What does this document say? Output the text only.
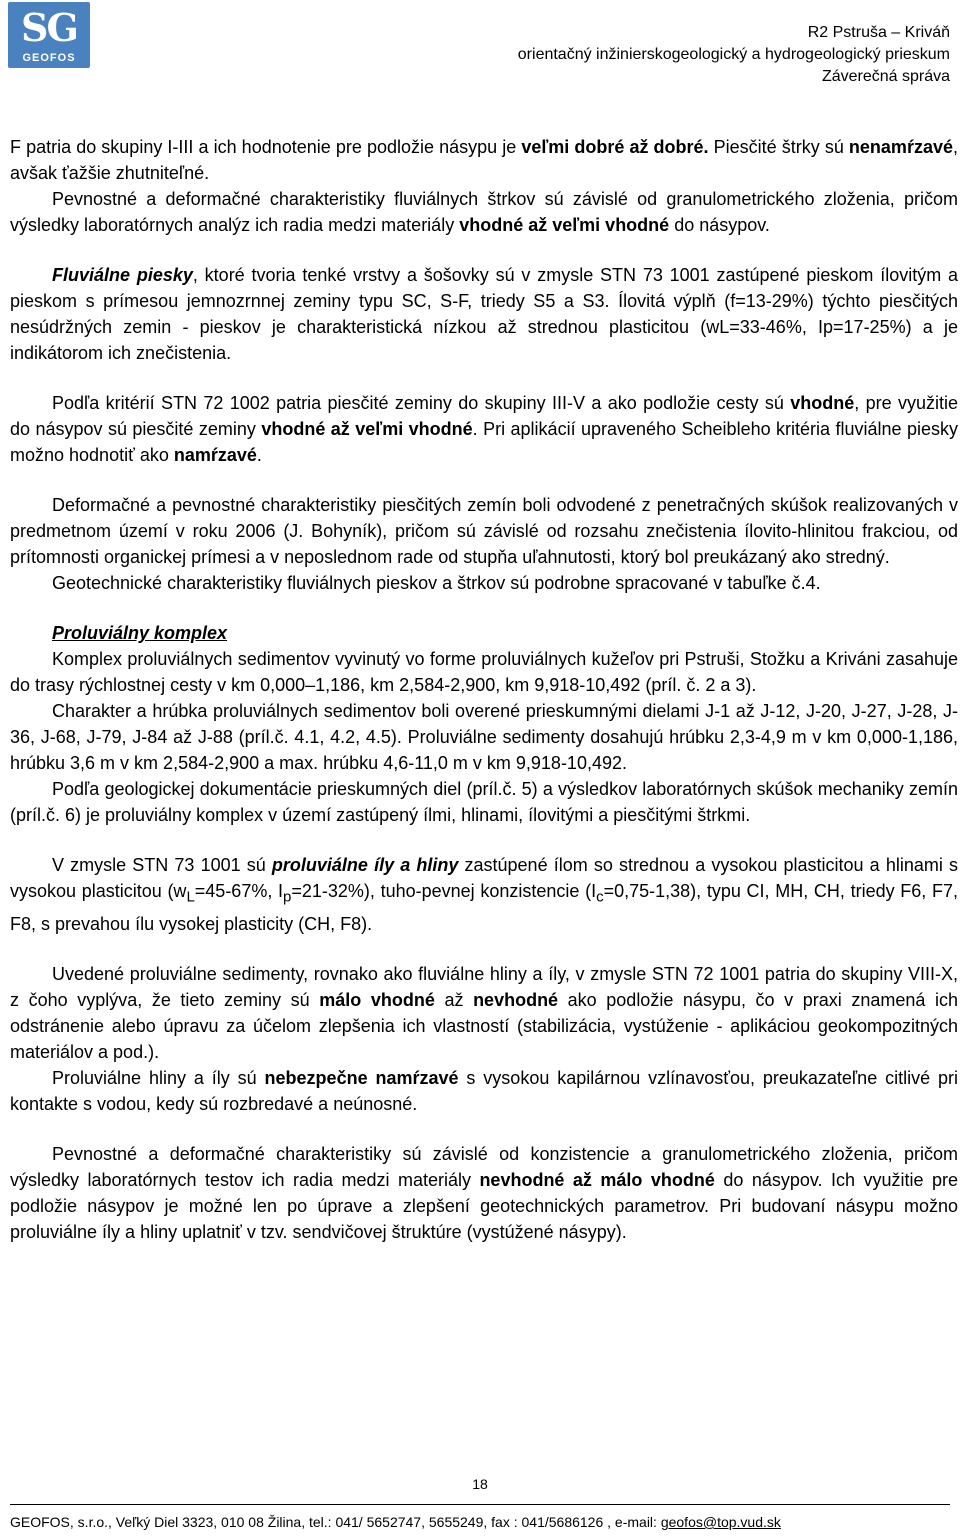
SG
GEOFOS
R2 Pstruša – Kriváň
orientačný inžinierskogeologický a hydrogeologický prieskum
Záverečná správa

F patria do skupiny I-III a ich hodnotenie pre podložie násypu je veľmi dobré až dobré. Piesčité štrky sú nenamŕzavé, avšak ťažšie zhutniteľné.

Pevnostné a deformačné charakteristiky fluviálnych štrkov sú závislé od granulometrického zloženia, pričom výsledky laboratórnych analýz ich radia medzi materiály vhodné až veľmi vhodné do násypov.

Fluviálne piesky, ktoré tvoria tenké vrstvy a šošovky sú v zmysle STN 73 1001 zastúpené pieskom ílovitým a pieskom s prímesou jemnozrnnej zeminy typu SC, S-F, triedy S5 a S3. Ílovitá výplň (f=13-29%) týchto piesčitých nesúdržných zemin - pieskov je charakteristická nízkou až strednou plasticitou (wL=33-46%, Ip=17-25%) a je indikátorom ich znečistenia.

Podľa kritérií STN 72 1002 patria piesčité zeminy do skupiny III-V a ako podložie cesty sú vhodné, pre využitie do násypov sú piesčité zeminy vhodné až veľmi vhodné. Pri aplikácií upraveného Scheibleho kritéria fluviálne piesky možno hodnotiť ako namŕzavé.

Deformačné a pevnostné charakteristiky piesčitých zemín boli odvodené z penetračných skúšok realizovaných v predmetnom území v roku 2006 (J. Bohyník), pričom sú závislé od rozsahu znečistenia ílovito-hlinitou frakciou, od prítomnosti organickej prímesi a v neposlednom rade od stupňa uľahnutosti, ktorý bol preukázaný ako stredný.

Geotechnické charakteristiky fluviálnych pieskov a štrkov sú podrobne spracované v tabuľke č.4.

Proluviálny komplex

Komplex proluviálnych sedimentov vyvinutý vo forme proluviálnych kužeľov pri Pstruši, Stožku a Kriváni zasahuje do trasy rýchlostnej cesty v km 0,000–1,186, km 2,584-2,900, km 9,918-10,492 (príl. č. 2 a 3).

Charakter a hrúbka proluviálnych sedimentov boli overené prieskumnými dielami J-1 až J-12, J-20, J-27, J-28, J-36, J-68, J-79, J-84 až J-88 (príl.č. 4.1, 4.2, 4.5). Proluviálne sedimenty dosahujú hrúbku 2,3-4,9 m v km 0,000-1,186, hrúbku 3,6 m v km 2,584-2,900 a max. hrúbku 4,6-11,0 m v km 9,918-10,492.

Podľa geologickej dokumentácie prieskumných diel (príl.č. 5) a výsledkov laboratórnych skúšok mechaniky zemín (príl.č. 6) je proluviálny komplex v území zastúpený ílmi, hlinami, ílovitými a piesčitými štrkmi.

V zmysle STN 73 1001 sú proluviálne íly a hliny zastúpené ílom so strednou a vysokou plasticitou a hlinami s vysokou plasticitou ($w_L=45-67\%$, $I_p=21-32\%$), tuho-pevnej konzistencie $(I_c=0,75-1,38)$, typu CI, MH, CH, triedy F6, F7, F8, s prevahou ílu vysokej plasticity (CH, F8).

Uvedené proluviálne sedimenty, rovnako ako fluviálne hliny a íly, v zmysle STN 72 1001 patria do skupiny VIII-X, z čoho vyplýva, že tieto zeminy sú málo vhodné až nevhodné ako podložie násypu, čo v praxi znamená ich odstránenie alebo úpravu za účelom zlepšenia ich vlastností (stabilizácia, vystúženie - aplikáciou geokompozitných materiálov a pod.).

Proluviálne hliny a íly sú nebezpečne namŕzavé s vysokou kapilárnou vzlínavosťou, preukazateľne citlivé pri kontakte s vodou, kedy sú rozbredavé a neúnosné.

Pevnostné a deformačné charakteristiky sú závislé od konzistencie a granulometrického zloženia, pričom výsledky laboratórnych testov ich radia medzi materiály nevhodné až málo vhodné do násypov. Ich využitie pre podložie násypov je možné len po úprave a zlepšení geotechnických parametrov. Pri budovaní násypu možno proluviálne íly a hliny uplatniť v tzv. sendvičovej štruktúre (vystúžené násypy).

18
GEOFOS, s.r.o., Veľký Diel 3323, 010 08 Žilina, tel.: 041/ 5652747, 5655249, fax : 041/5686126 , e-mail: geofos@top.vud.sk
